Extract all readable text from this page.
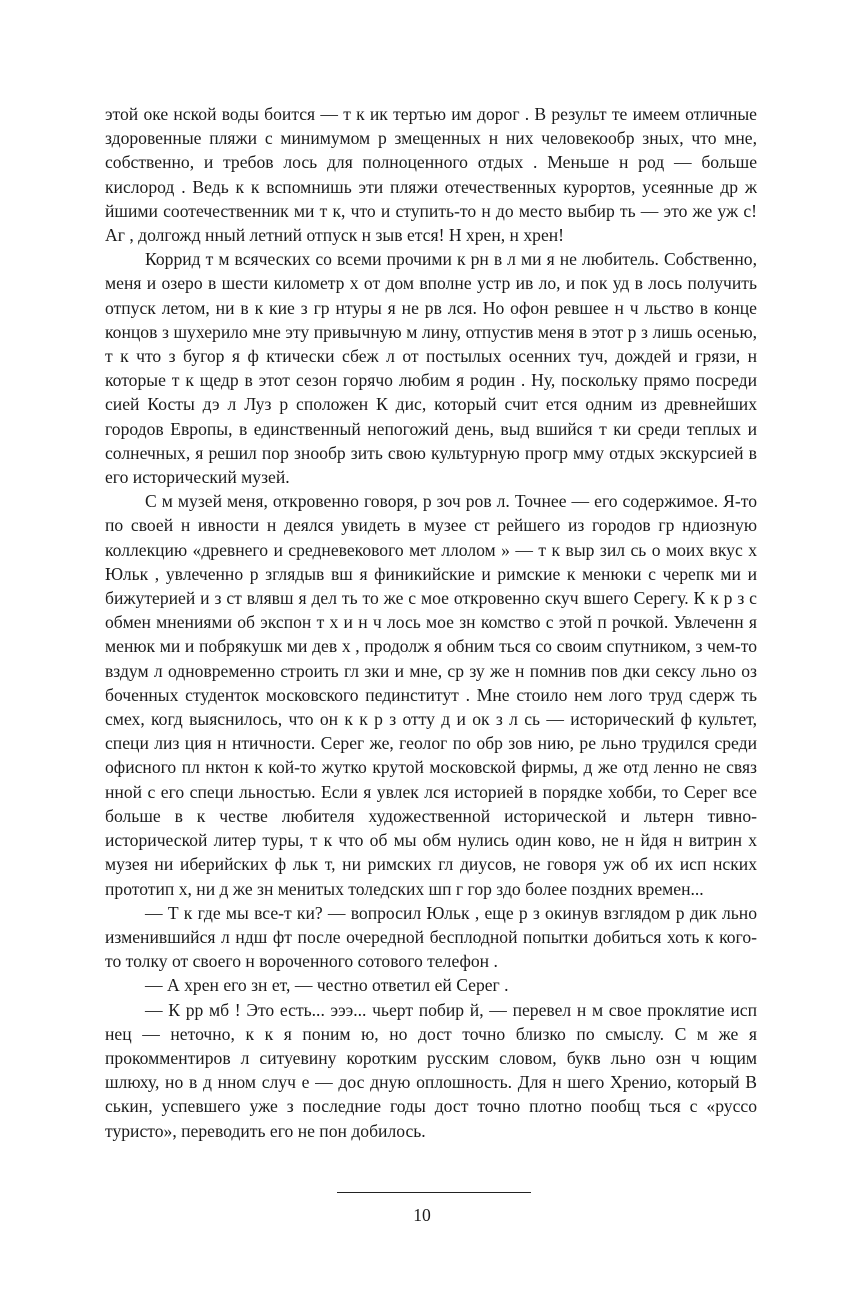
этой оке нской воды боится — т к ик тертью им дорог . В результ те имеем отличные здоровенные пляжи с минимумом р змещенных н них человекообр зных, что мне, собственно, и требов лось для полноценного отдых . Меньше н род — больше кислород . Ведь к к вспомнишь эти пляжи отечественных курортов, усеянные др ж йшими соотечественник ми т к, что и ступить-то н до место выбир ть — это же уж с! Аг , долгожд нный летний отпуск н зыв ется! Н хрен, н хрен!

Коррид т м всяческих со всеми прочими к рн в л ми я не любитель. Собственно, меня и озеро в шести километр х от дом вполне устр ив ло, и пок уд в лось получить отпуск летом, ни в к кие з гр нтуры я не рв лся. Но офон ревшее н ч льство в конце концов з шухерило мне эту привычную м лину, отпустив меня в этот р з лишь осенью, т к что з бугор я ф ктически сбеж л от постылых осенних туч, дождей и грязи, н которые т к щедр в этот сезон горячо любим я родин . Ну, поскольку прямо посреди сией Косты дэ л Луз р сположен К дис, который счит ется одним из древнейших городов Европы, в единственный непогожий день, выд вшийся т ки среди теплых и солнечных, я решил пор знообр зить свою культурную прогр мму отдых экскурсией в его исторический музей.

С м музей меня, откровенно говоря, р зоч ров л. Точнее — его содержимое. Я-то по своей н ивности н деялся увидеть в музее ст рейшего из городов гр ндиозную коллекцию «древнего и средневекового мет ллолом » — т к выр зил сь о моих вкус х Юльк , увлеченно р зглядыв вш я финикийские и римские к менюки с черепк ми и бижутерией и з ст влявш я дел ть то же с мое откровенно скуч вшего Серегу. К к р з с обмен мнениями об экспон т х и н ч лось мое зн комство с этой п рочкой. Увлеченн я менюк ми и побрякушк ми дев х , продолж я обним ться со своим спутником, з чем-то вздум л одновременно строить гл зки и мне, ср зу же н помнив пов дки сексу льно оз боченных студенток московского пединститут . Мне стоило нем лого труд сдерж ть смех, когд выяснилось, что он к к р з отту д и ок з л сь — исторический ф культет, специ лиз ция н нтичности. Серег же, геолог по обр зов нию, ре льно трудился среди офисного пл нктон к кой-то жутко крутой московской фирмы, д же отд ленно не связ нной с его специ льностью. Если я увлек лся историей в порядке хобби, то Серег все больше в к честве любителя художественной исторической и льтерн тивно-исторической литер туры, т к что об мы обм нулись один ково, не н йдя н витрин х музея ни иберийских ф льк т, ни римских гл диусов, не говоря уж об их исп нских прототип х, ни д же зн менитых толедских шп г гор здо более поздних времен...

— Т к где мы все-т ки? — вопросил Юльк , еще р з окинув взглядом р дик льно изменившийся л ндш фт после очередной бесплодной попытки добиться хоть к кого-то толку от своего н вороченного сотового телефон .

— А хрен его зн ет, — честно ответил ей Серег .

— К рр мб ! Это есть... эээ... чьерт побир й, — перевел н м свое проклятие исп нец — неточно, к к я поним ю, но дост точно близко по смыслу. С м же я прокомментиров л ситуевину коротким русским словом, букв льно озн ч ющим шлюху, но в д нном случ е — дос дную оплошность. Для н шего Хренио, который В ськин, успевшего уже з последние годы дост точно плотно пообщ ться с «руссо туристо», переводить его не пон добилось.

10
